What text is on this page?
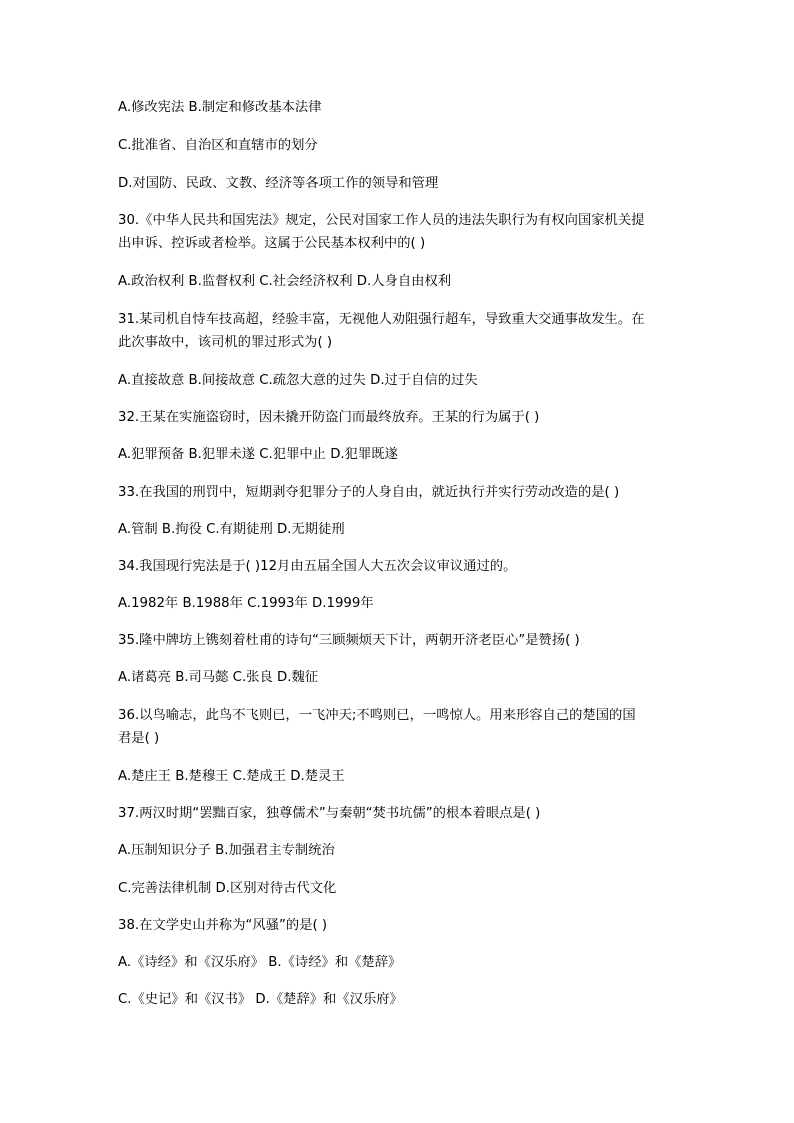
A.修改宪法 B.制定和修改基本法律
C.批准省、自治区和直辖市的划分
D.对国防、民政、文教、经济等各项工作的领导和管理
30.《中华人民共和国宪法》规定，公民对国家工作人员的违法失职行为有权向国家机关提
出申诉、控诉或者检举。这属于公民基本权利中的( )
A.政治权利 B.监督权利 C.社会经济权利 D.人身自由权利
31.某司机自恃车技高超，经验丰富，无视他人劝阻强行超车，导致重大交通事故发生。在
此次事故中，该司机的罪过形式为( )
A.直接故意 B.间接故意 C.疏忽大意的过失 D.过于自信的过失
32.王某在实施盗窃时，因未撬开防盗门而最终放弃。王某的行为属于( )
A.犯罪预备 B.犯罪未遂 C.犯罪中止 D.犯罪既遂
33.在我国的刑罚中，短期剥夺犯罪分子的人身自由，就近执行并实行劳动改造的是( )
A.管制 B.拘役 C.有期徒刑 D.无期徒刑
34.我国现行宪法是于( )12月由五届全国人大五次会议审议通过的。
A.1982年 B.1988年 C.1993年 D.1999年
35.隆中牌坊上镌刻着杜甫的诗句“三顾频烦天下计，两朝开济老臣心”是赞扬( )
A.诸葛亮 B.司马懿 C.张良 D.魏征
36.以鸟喻志，此鸟不飞则已，一飞冲天;不鸣则已，一鸣惊人。用来形容自己的楚国的国
君是( )
A.楚庄王 B.楚穆王 C.楚成王 D.楚灵王
37.两汉时期“罢黜百家，独尊儒术”与秦朝“焚书坑儒”的根本着眼点是( )
A.压制知识分子 B.加强君主专制统治
C.完善法律机制 D.区别对待古代文化
38.在文学史山并称为“风骚”的是( )
A.《诗经》和《汉乐府》 B.《诗经》和《楚辞》
C.《史记》和《汉书》 D.《楚辞》和《汉乐府》
